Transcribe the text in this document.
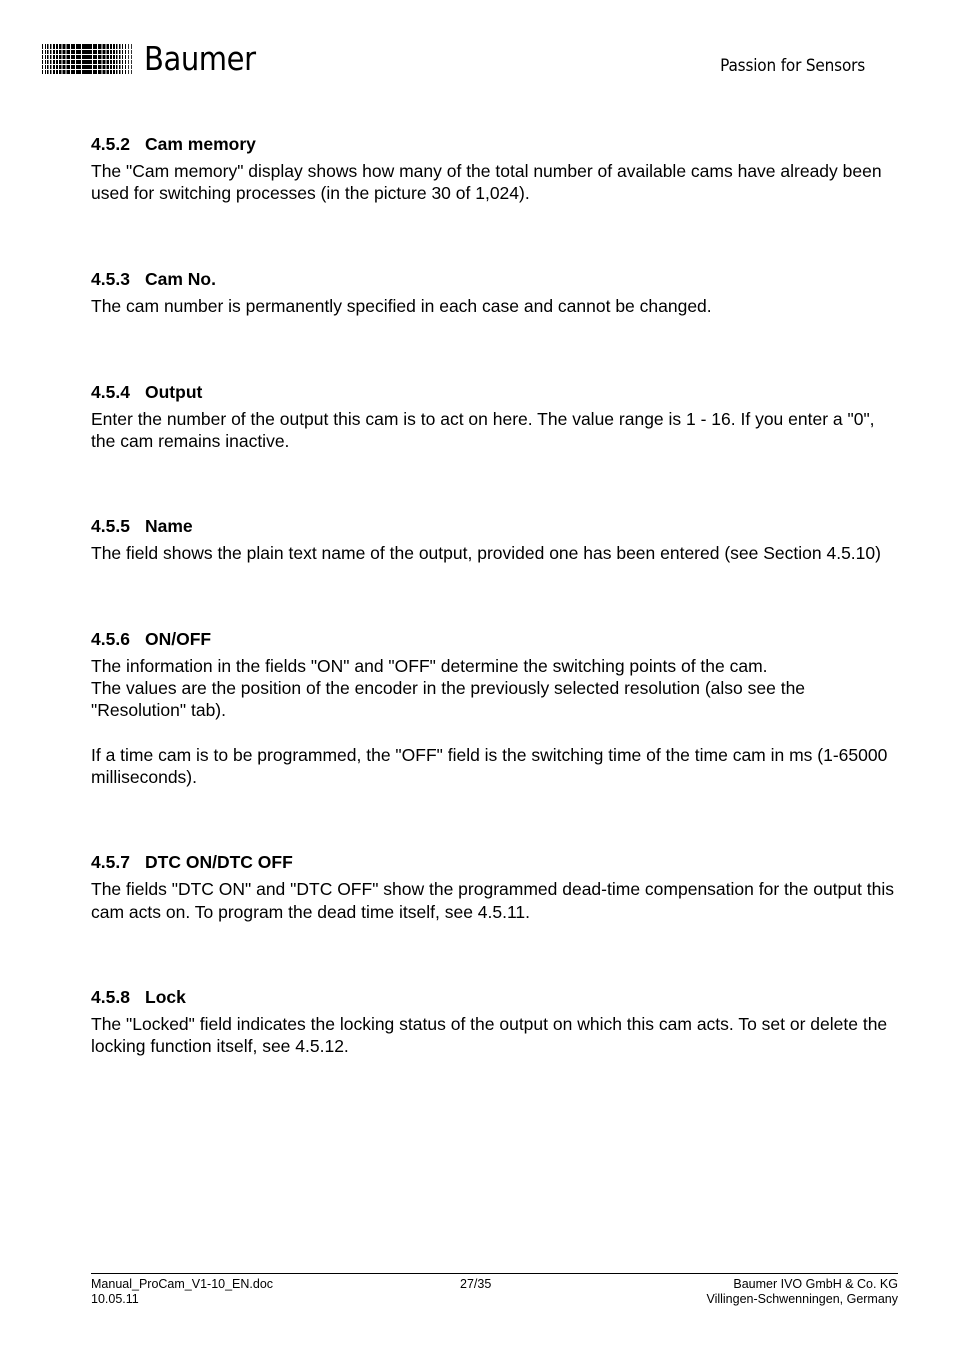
Baumer	Passion for Sensors
4.5.2 Cam memory

The "Cam memory" display shows how many of the total number of available cams have already been used for switching processes (in the picture 30 of 1,024).

4.5.3 Cam No.

The cam number is permanently specified in each case and cannot be changed.

4.5.4 Output

Enter the number of the output this cam is to act on here. The value range is 1 - 16. If you enter a "0", the cam remains inactive.

4.5.5 Name

The field shows the plain text name of the output, provided one has been entered (see Section 4.5.10)

4.5.6 ON/OFF

The information in the fields "ON" and "OFF" determine the switching points of the cam.

The values are the position of the encoder in the previously selected resolution (also see the "Resolution" tab).

If a time cam is to be programmed, the "OFF" field is the switching time of the time cam in ms (1-65000 milliseconds).

4.5.7 DTC ON/DTC OFF

The fields "DTC ON" and "DTC OFF" show the programmed dead-time compensation for the output this cam acts on. To program the dead time itself, see 4.5.11.

4.5.8 Lock

The "Locked" field indicates the locking status of the output on which this cam acts. To set or delete the locking function itself, see 4.5.12.

Manual_ProCam_V1-10_EN.doc
10.05.11
27/35	Baumer IVO GmbH & Co. KG
Villingen-Schwenningen, Germany
